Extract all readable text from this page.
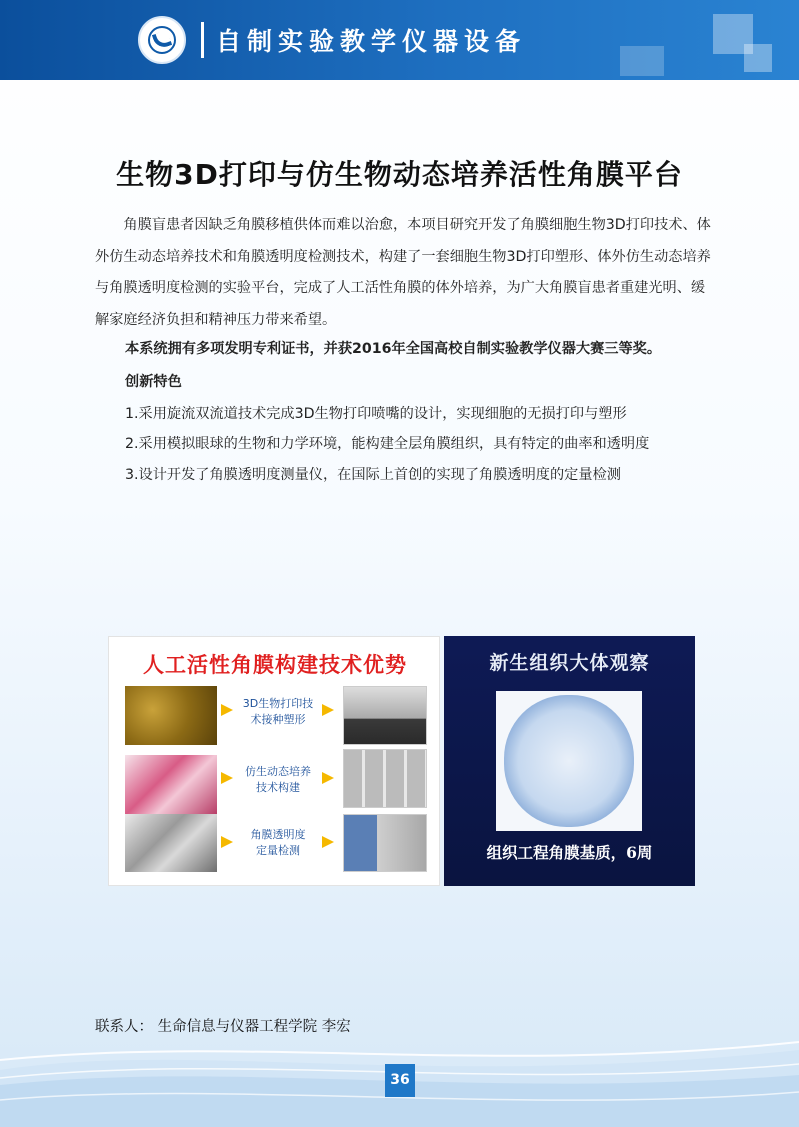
自制实验教学仪器设备
生物3D打印与仿生物动态培养活性角膜平台

角膜盲患者因缺乏角膜移植供体而难以治愈，本项目研究开发了角膜细胞生物3D打印技术、体外仿生动态培养技术和角膜透明度检测技术，构建了一套细胞生物3D打印塑形、体外仿生动态培养与角膜透明度检测的实验平台，完成了人工活性角膜的体外培养，为广大角膜盲患者重建光明、缓解家庭经济负担和精神压力带来希望。

本系统拥有多项发明专利证书，并获2016年全国高校自制实验教学仪器大赛三等奖。
创新特色
1.采用旋流双流道技术完成3D生物打印喷嘴的设计，实现细胞的无损打印与塑形
2.采用模拟眼球的生物和力学环境，能构建全层角膜组织，具有特定的曲率和透明度
3.设计开发了角膜透明度测量仪，在国际上首创的实现了角膜透明度的定量检测
人工活性角膜构建技术优势
3D生物打印技
术接种塑形
仿生动态培养
技术构建
角膜透明度
定量检测
新生组织大体观察
组织工程角膜基质，6周
联系人： 生命信息与仪器工程学院 李宏
36
